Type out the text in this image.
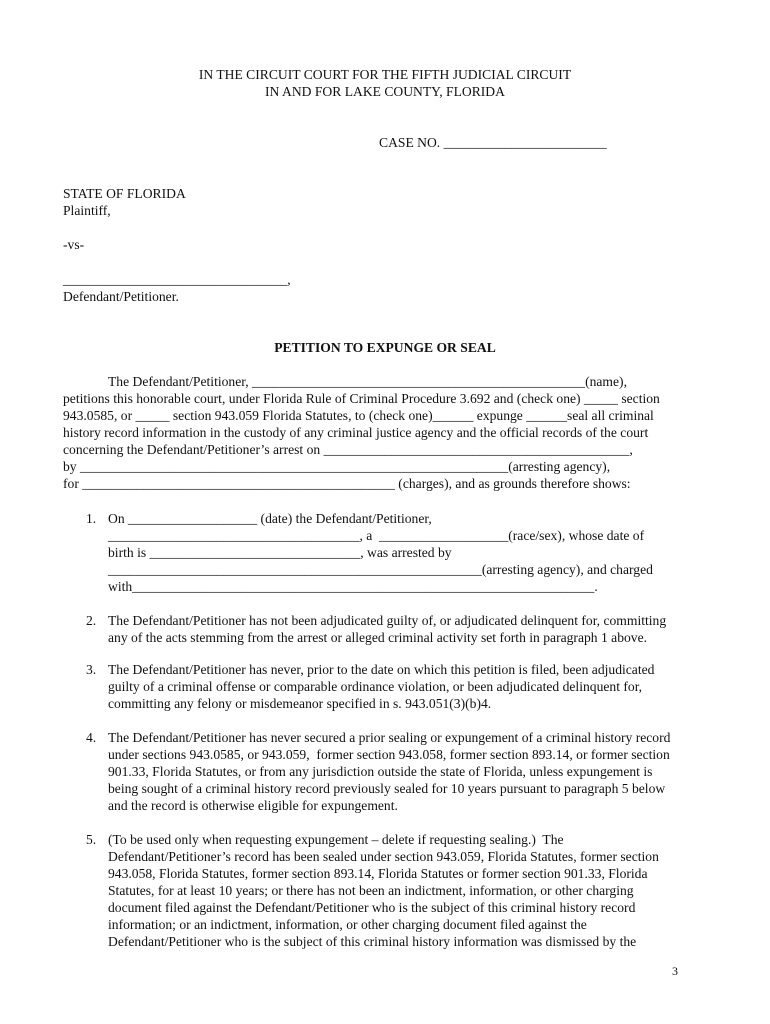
IN THE CIRCUIT COURT FOR THE FIFTH JUDICIAL CIRCUIT
IN AND FOR LAKE COUNTY, FLORIDA
CASE NO. ________________________
STATE OF FLORIDA
Plaintiff,
-vs-
_________________________________,
Defendant/Petitioner.
PETITION TO EXPUNGE OR SEAL
The Defendant/Petitioner, _________________________________________________(name),
petitions this honorable court, under Florida Rule of Criminal Procedure 3.692 and (check one) _____ section
943.0585, or _____ section 943.059 Florida Statutes, to (check one)______ expunge ______seal all criminal
history record information in the custody of any criminal justice agency and the official records of the court
concerning the Defendant/Petitioner’s arrest on _____________________________________________,
by _______________________________________________________________(arresting agency),
for ______________________________________________ (charges), and as grounds therefore shows:
1. On ___________________ (date) the Defendant/Petitioner,
_____________________________________, a  ___________________(race/sex), whose date of
birth is _______________________________, was arrested by
_______________________________________________________(arresting agency), and charged
with____________________________________________________________________.
2. The Defendant/Petitioner has not been adjudicated guilty of, or adjudicated delinquent for, committing
any of the acts stemming from the arrest or alleged criminal activity set forth in paragraph 1 above.
3. The Defendant/Petitioner has never, prior to the date on which this petition is filed, been adjudicated
guilty of a criminal offense or comparable ordinance violation, or been adjudicated delinquent for,
committing any felony or misdemeanor specified in s. 943.051(3)(b)4.
4. The Defendant/Petitioner has never secured a prior sealing or expungement of a criminal history record
under sections 943.0585, or 943.059,  former section 943.058, former section 893.14, or former section
901.33, Florida Statutes, or from any jurisdiction outside the state of Florida, unless expungement is
being sought of a criminal history record previously sealed for 10 years pursuant to paragraph 5 below
and the record is otherwise eligible for expungement.
5. (To be used only when requesting expungement – delete if requesting sealing.)  The
Defendant/Petitioner’s record has been sealed under section 943.059, Florida Statutes, former section
943.058, Florida Statutes, former section 893.14, Florida Statutes or former section 901.33, Florida
Statutes, for at least 10 years; or there has not been an indictment, information, or other charging
document filed against the Defendant/Petitioner who is the subject of this criminal history record
information; or an indictment, information, or other charging document filed against the
Defendant/Petitioner who is the subject of this criminal history information was dismissed by the
3
